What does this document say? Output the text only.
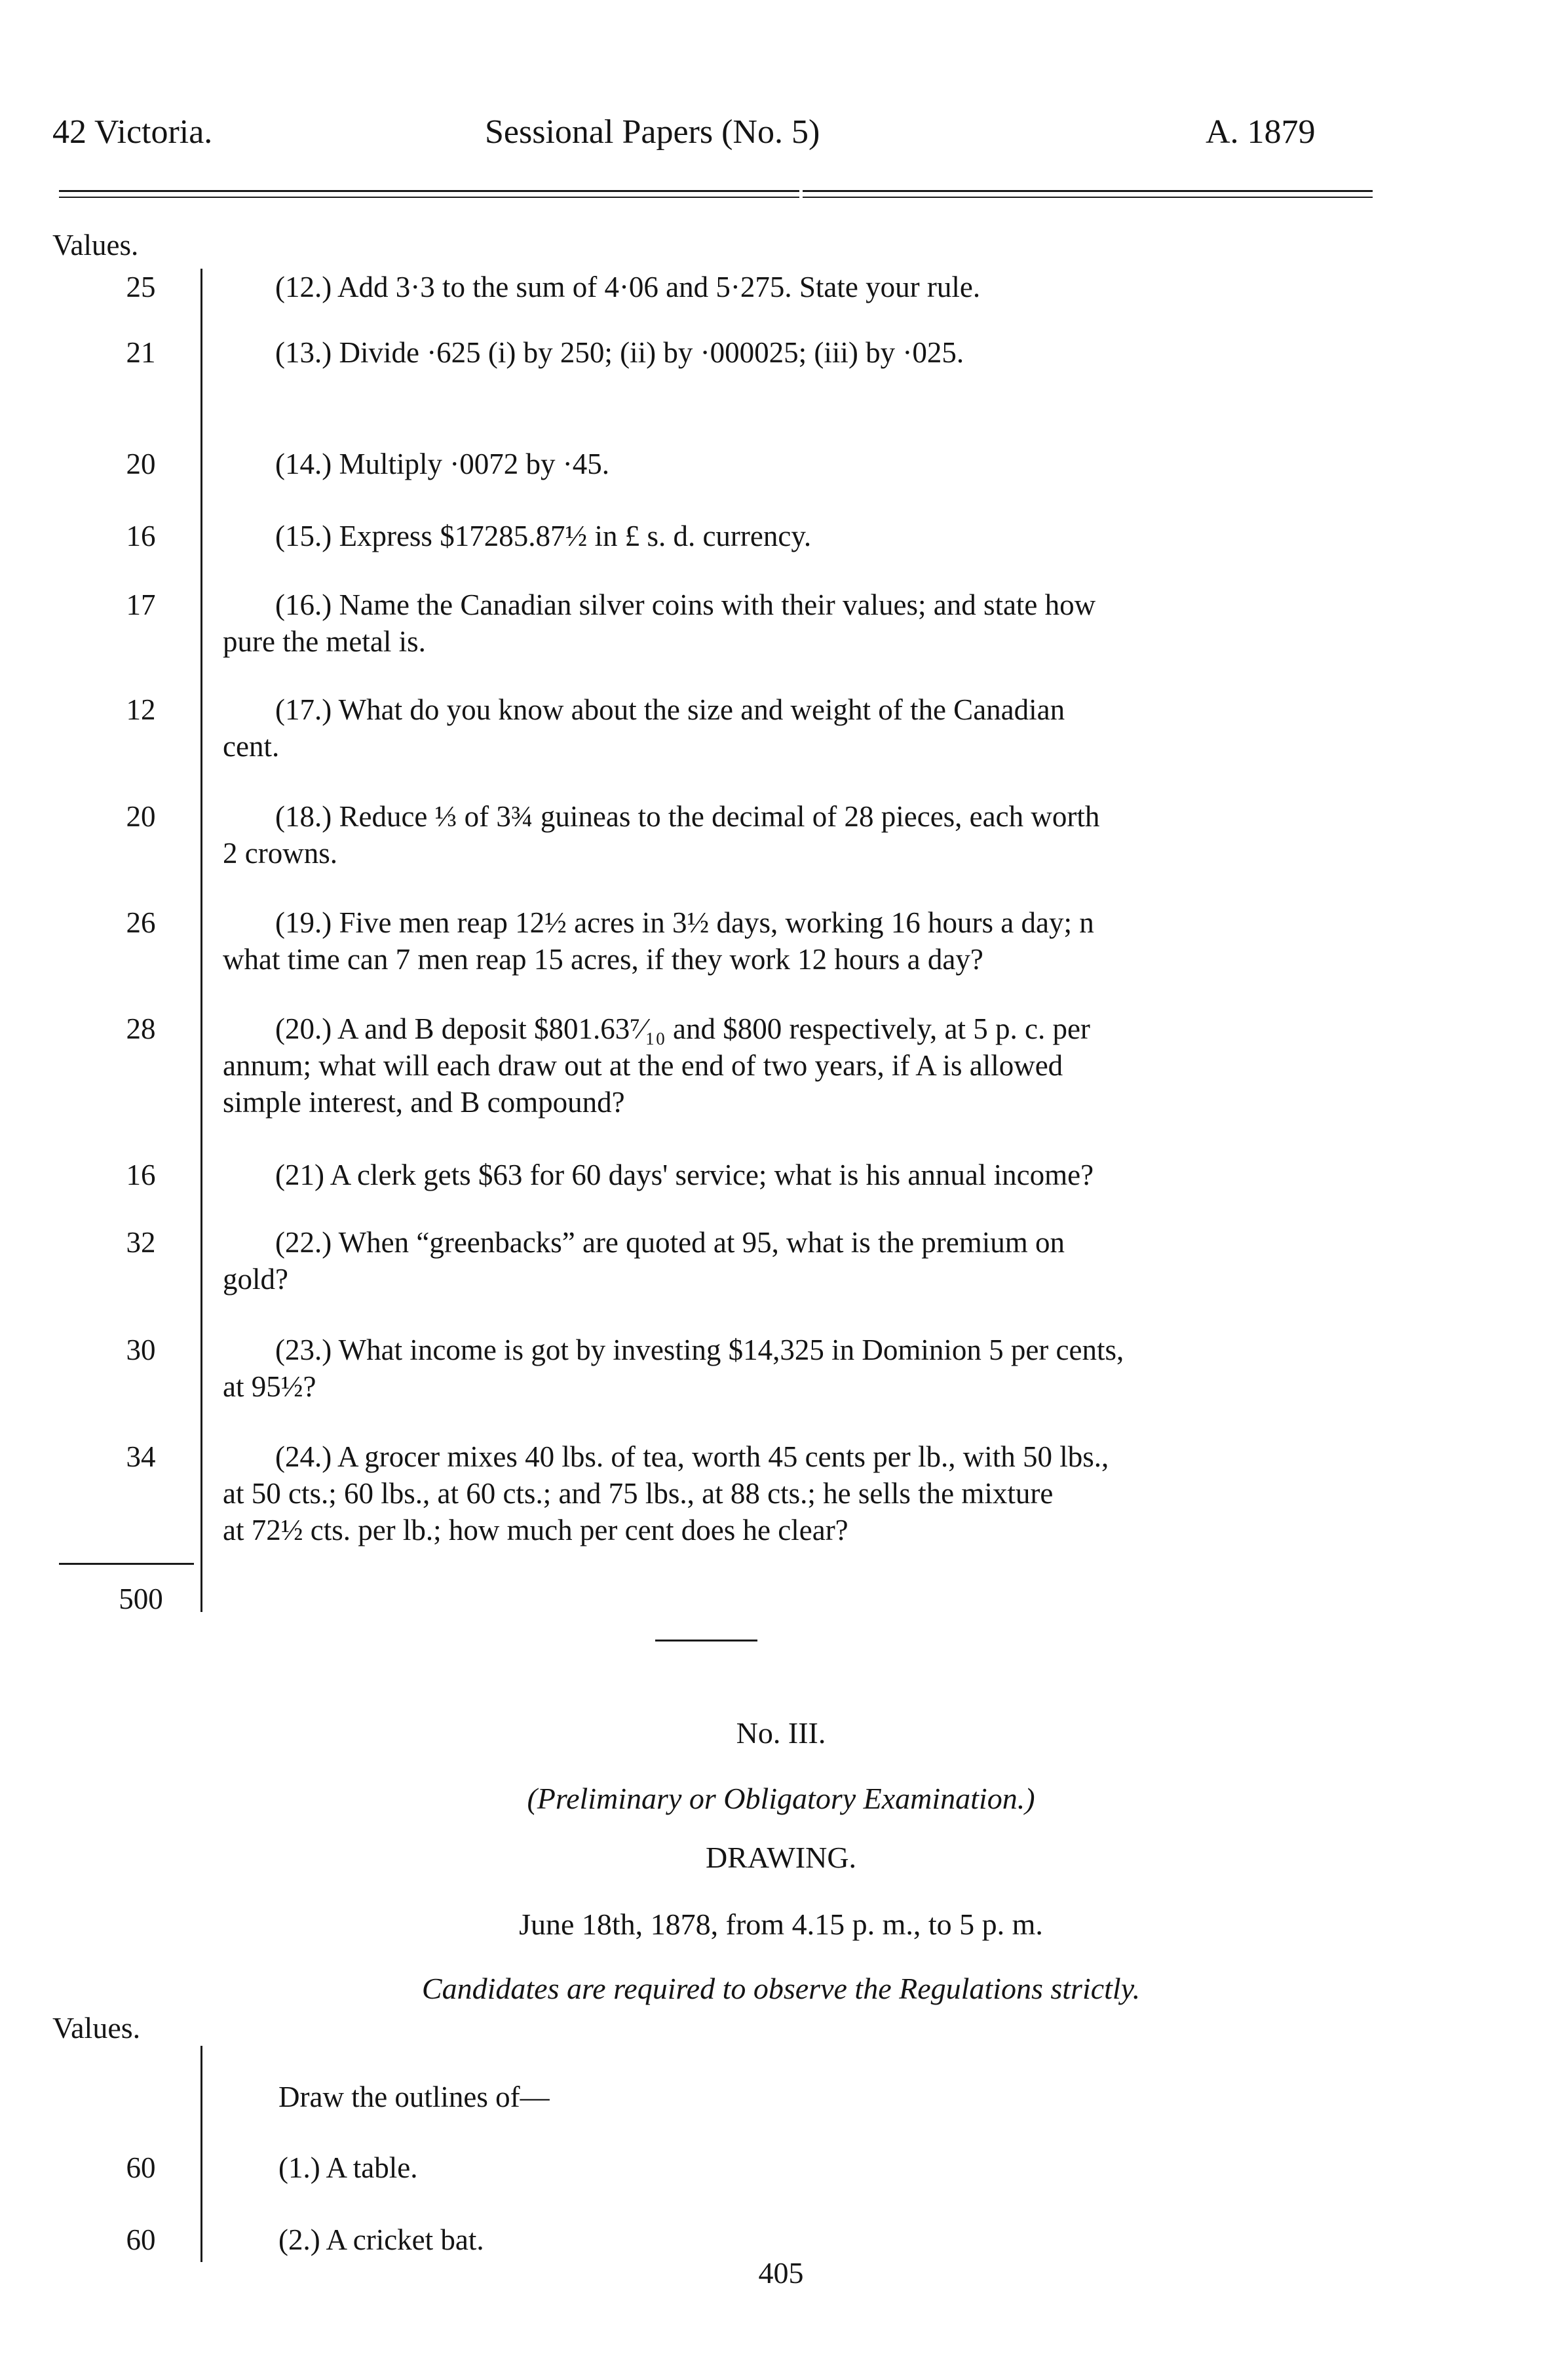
42 Victoria.	Sessional Papers (No. 5)	A. 1879
Values.
25	(12.) Add 3·3 to the sum of 4·06 and 5·275. State your rule.
21	(13.) Divide ·625 (i) by 250; (ii) by ·000025; (iii) by ·025.
20	(14.) Multiply ·0072 by ·45.
16	(15.) Express $17285.87½ in £ s. d. currency.
17	(16.) Name the Canadian silver coins with their values; and state how
pure the metal is.
12	(17.) What do you know about the size and weight of the Canadian
cent.
20	(18.) Reduce ⅓ of 3¾ guineas to the decimal of 28 pieces, each worth
2 crowns.
26	(19.) Five men reap 12½ acres in 3½ days, working 16 hours a day; n
what time can 7 men reap 15 acres, if they work 12 hours a day?
28	(20.) A and B deposit $801.63⁷⁄₁₀ and $800 respectively, at 5 p. c. per
annum; what will each draw out at the end of two years, if A is allowed
simple interest, and B compound?
16	(21) A clerk gets $63 for 60 days' service; what is his annual income?
32	(22.) When “greenbacks” are quoted at 95, what is the premium on
gold?
30	(23.) What income is got by investing $14,325 in Dominion 5 per cents,
at 95½?
34	(24.) A grocer mixes 40 lbs. of tea, worth 45 cents per lb., with 50 lbs.,
at 50 cts.; 60 lbs., at 60 cts.; and 75 lbs., at 88 cts.; he sells the mixture
at 72½ cts. per lb.; how much per cent does he clear?
500
No. III.
(Preliminary or Obligatory Examination.)
DRAWING.
June 18th, 1878, from 4.15 p. m., to 5 p. m.
Candidates are required to observe the Regulations strictly.
Values.
Draw the outlines of—
60	(1.) A table.
60	(2.) A cricket bat.
405
